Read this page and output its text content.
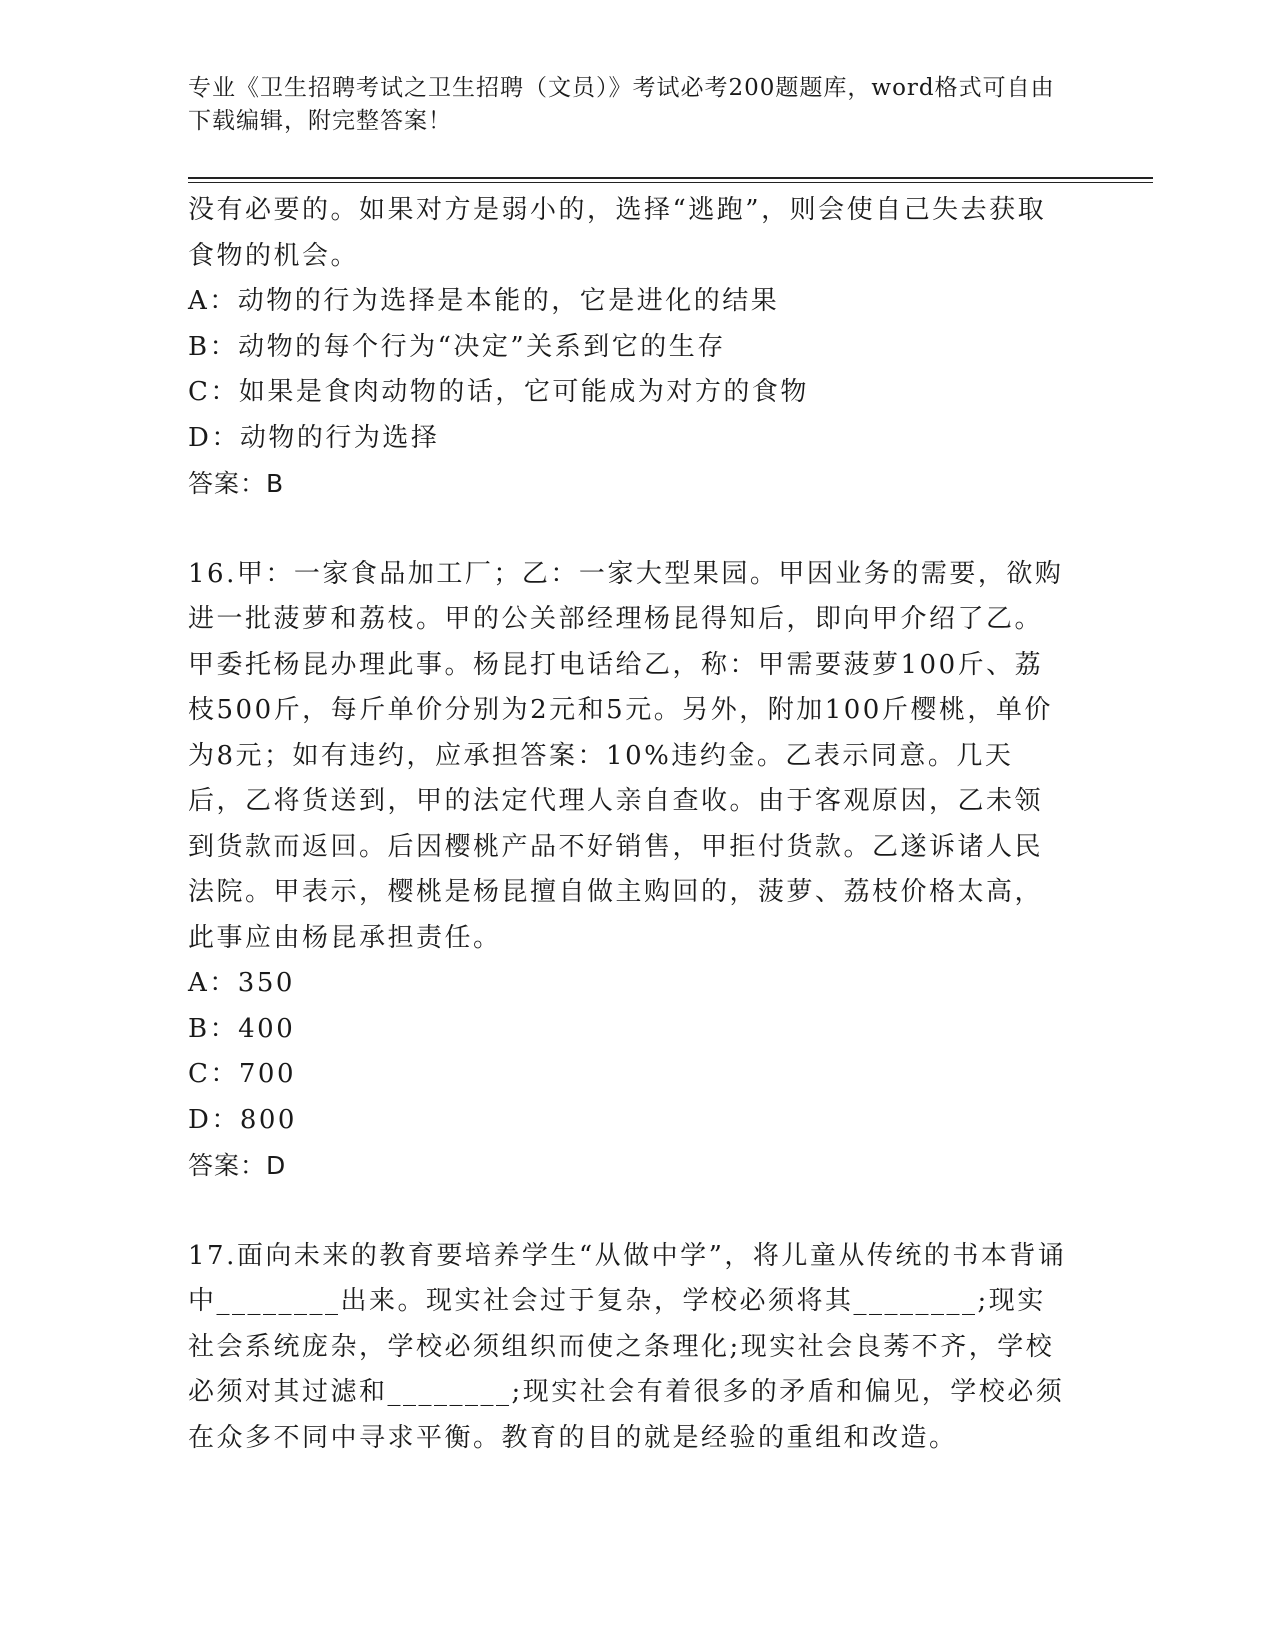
专业《卫生招聘考试之卫生招聘（文员）》考试必考200题题库，word格式可自由下载编辑，附完整答案！

没有必要的。如果对方是弱小的，选择“逃跑”，则会使自己失去获取食物的机会。

A：动物的行为选择是本能的，它是进化的结果

B：动物的每个行为“决定”关系到它的生存

C：如果是食肉动物的话，它可能成为对方的食物

D：动物的行为选择

答案：B

16.甲：一家食品加工厂；乙：一家大型果园。甲因业务的需要，欲购进一批菠萝和荔枝。甲的公关部经理杨昆得知后，即向甲介绍了乙。甲委托杨昆办理此事。杨昆打电话给乙，称：甲需要菠萝100斤、荔枝500斤，每斤单价分别为2元和5元。另外，附加100斤樱桃，单价为8元；如有违约，应承担答案：10%违约金。乙表示同意。几天后，乙将货送到，甲的法定代理人亲自查收。由于客观原因，乙未领到货款而返回。后因樱桃产品不好销售，甲拒付货款。乙遂诉诸人民法院。甲表示，樱桃是杨昆擅自做主购回的，菠萝、荔枝价格太高，此事应由杨昆承担责任。

A：350

B：400

C：700

D：800

答案：D

17.面向未来的教育要培养学生“从做中学”，将儿童从传统的书本背诵中________出来。现实社会过于复杂，学校必须将其________;现实社会系统庞杂，学校必须组织而使之条理化;现实社会良莠不齐，学校必须对其过滤和________;现实社会有着很多的矛盾和偏见，学校必须在众多不同中寻求平衡。教育的目的就是经验的重组和改造。
